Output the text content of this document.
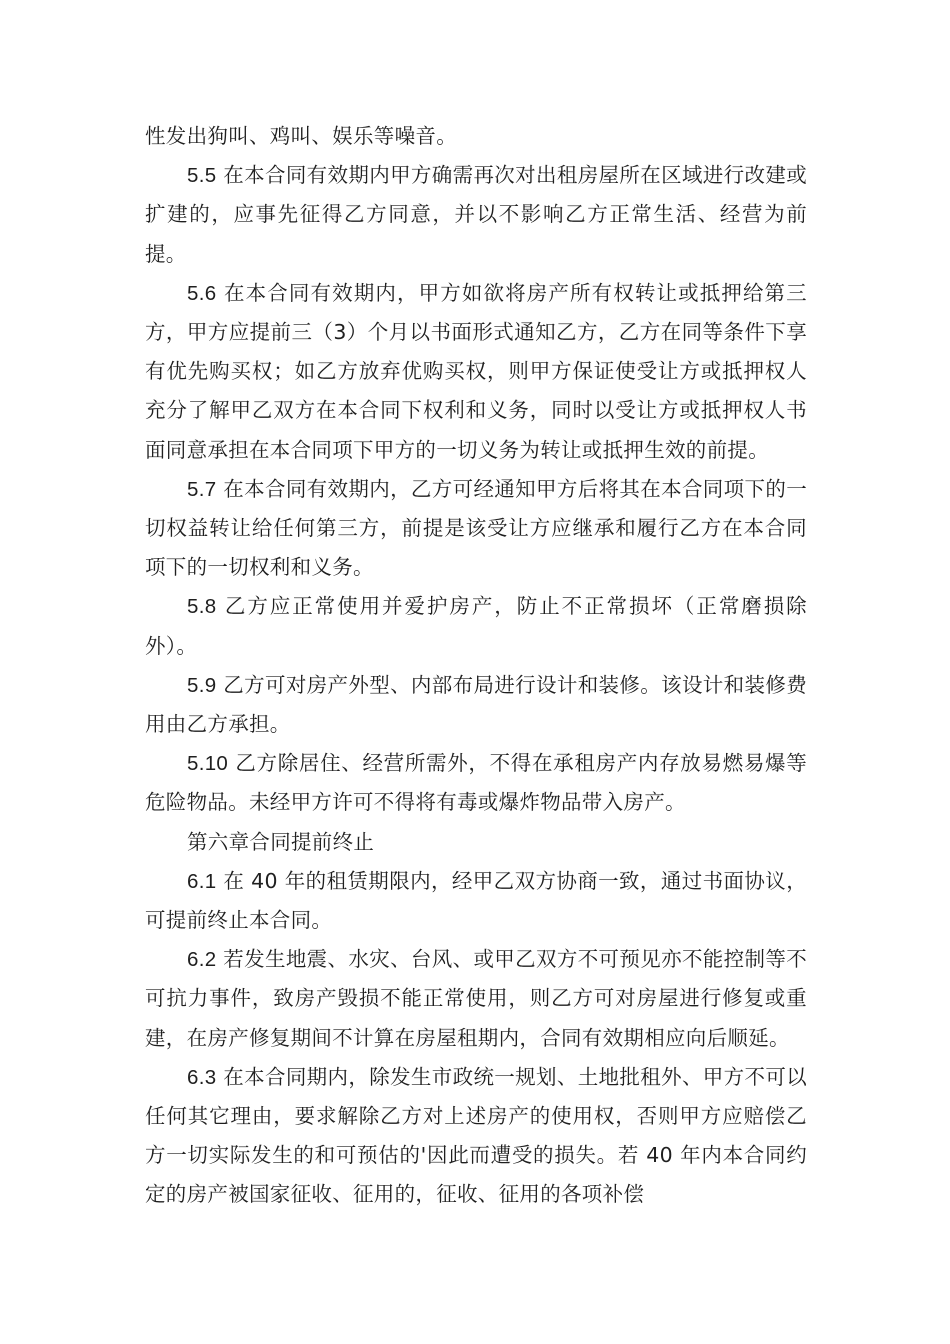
性发出狗叫、鸡叫、娱乐等噪音。

5.5 在本合同有效期内甲方确需再次对出租房屋所在区域进行改建或扩建的，应事先征得乙方同意，并以不影响乙方正常生活、经营为前提。

5.6 在本合同有效期内，甲方如欲将房产所有权转让或抵押给第三方，甲方应提前三（3）个月以书面形式通知乙方，乙方在同等条件下享有优先购买权；如乙方放弃优购买权，则甲方保证使受让方或抵押权人充分了解甲乙双方在本合同下权利和义务，同时以受让方或抵押权人书面同意承担在本合同项下甲方的一切义务为转让或抵押生效的前提。

5.7 在本合同有效期内，乙方可经通知甲方后将其在本合同项下的一切权益转让给任何第三方，前提是该受让方应继承和履行乙方在本合同项下的一切权利和义务。

5.8 乙方应正常使用并爱护房产，防止不正常损坏（正常磨损除外）。

5.9 乙方可对房产外型、内部布局进行设计和装修。该设计和装修费用由乙方承担。

5.10 乙方除居住、经营所需外，不得在承租房产内存放易燃易爆等危险物品。未经甲方许可不得将有毒或爆炸物品带入房产。

第六章合同提前终止

6.1 在 40 年的租赁期限内，经甲乙双方协商一致，通过书面协议，可提前终止本合同。

6.2 若发生地震、水灾、台风、或甲乙双方不可预见亦不能控制等不可抗力事件，致房产毁损不能正常使用，则乙方可对房屋进行修复或重建，在房产修复期间不计算在房屋租期内，合同有效期相应向后顺延。

6.3 在本合同期内，除发生市政统一规划、土地批租外、甲方不可以任何其它理由，要求解除乙方对上述房产的使用权，否则甲方应赔偿乙方一切实际发生的和可预估的'因此而遭受的损失。若 40 年内本合同约定的房产被国家征收、征用的，征收、征用的各项补偿
